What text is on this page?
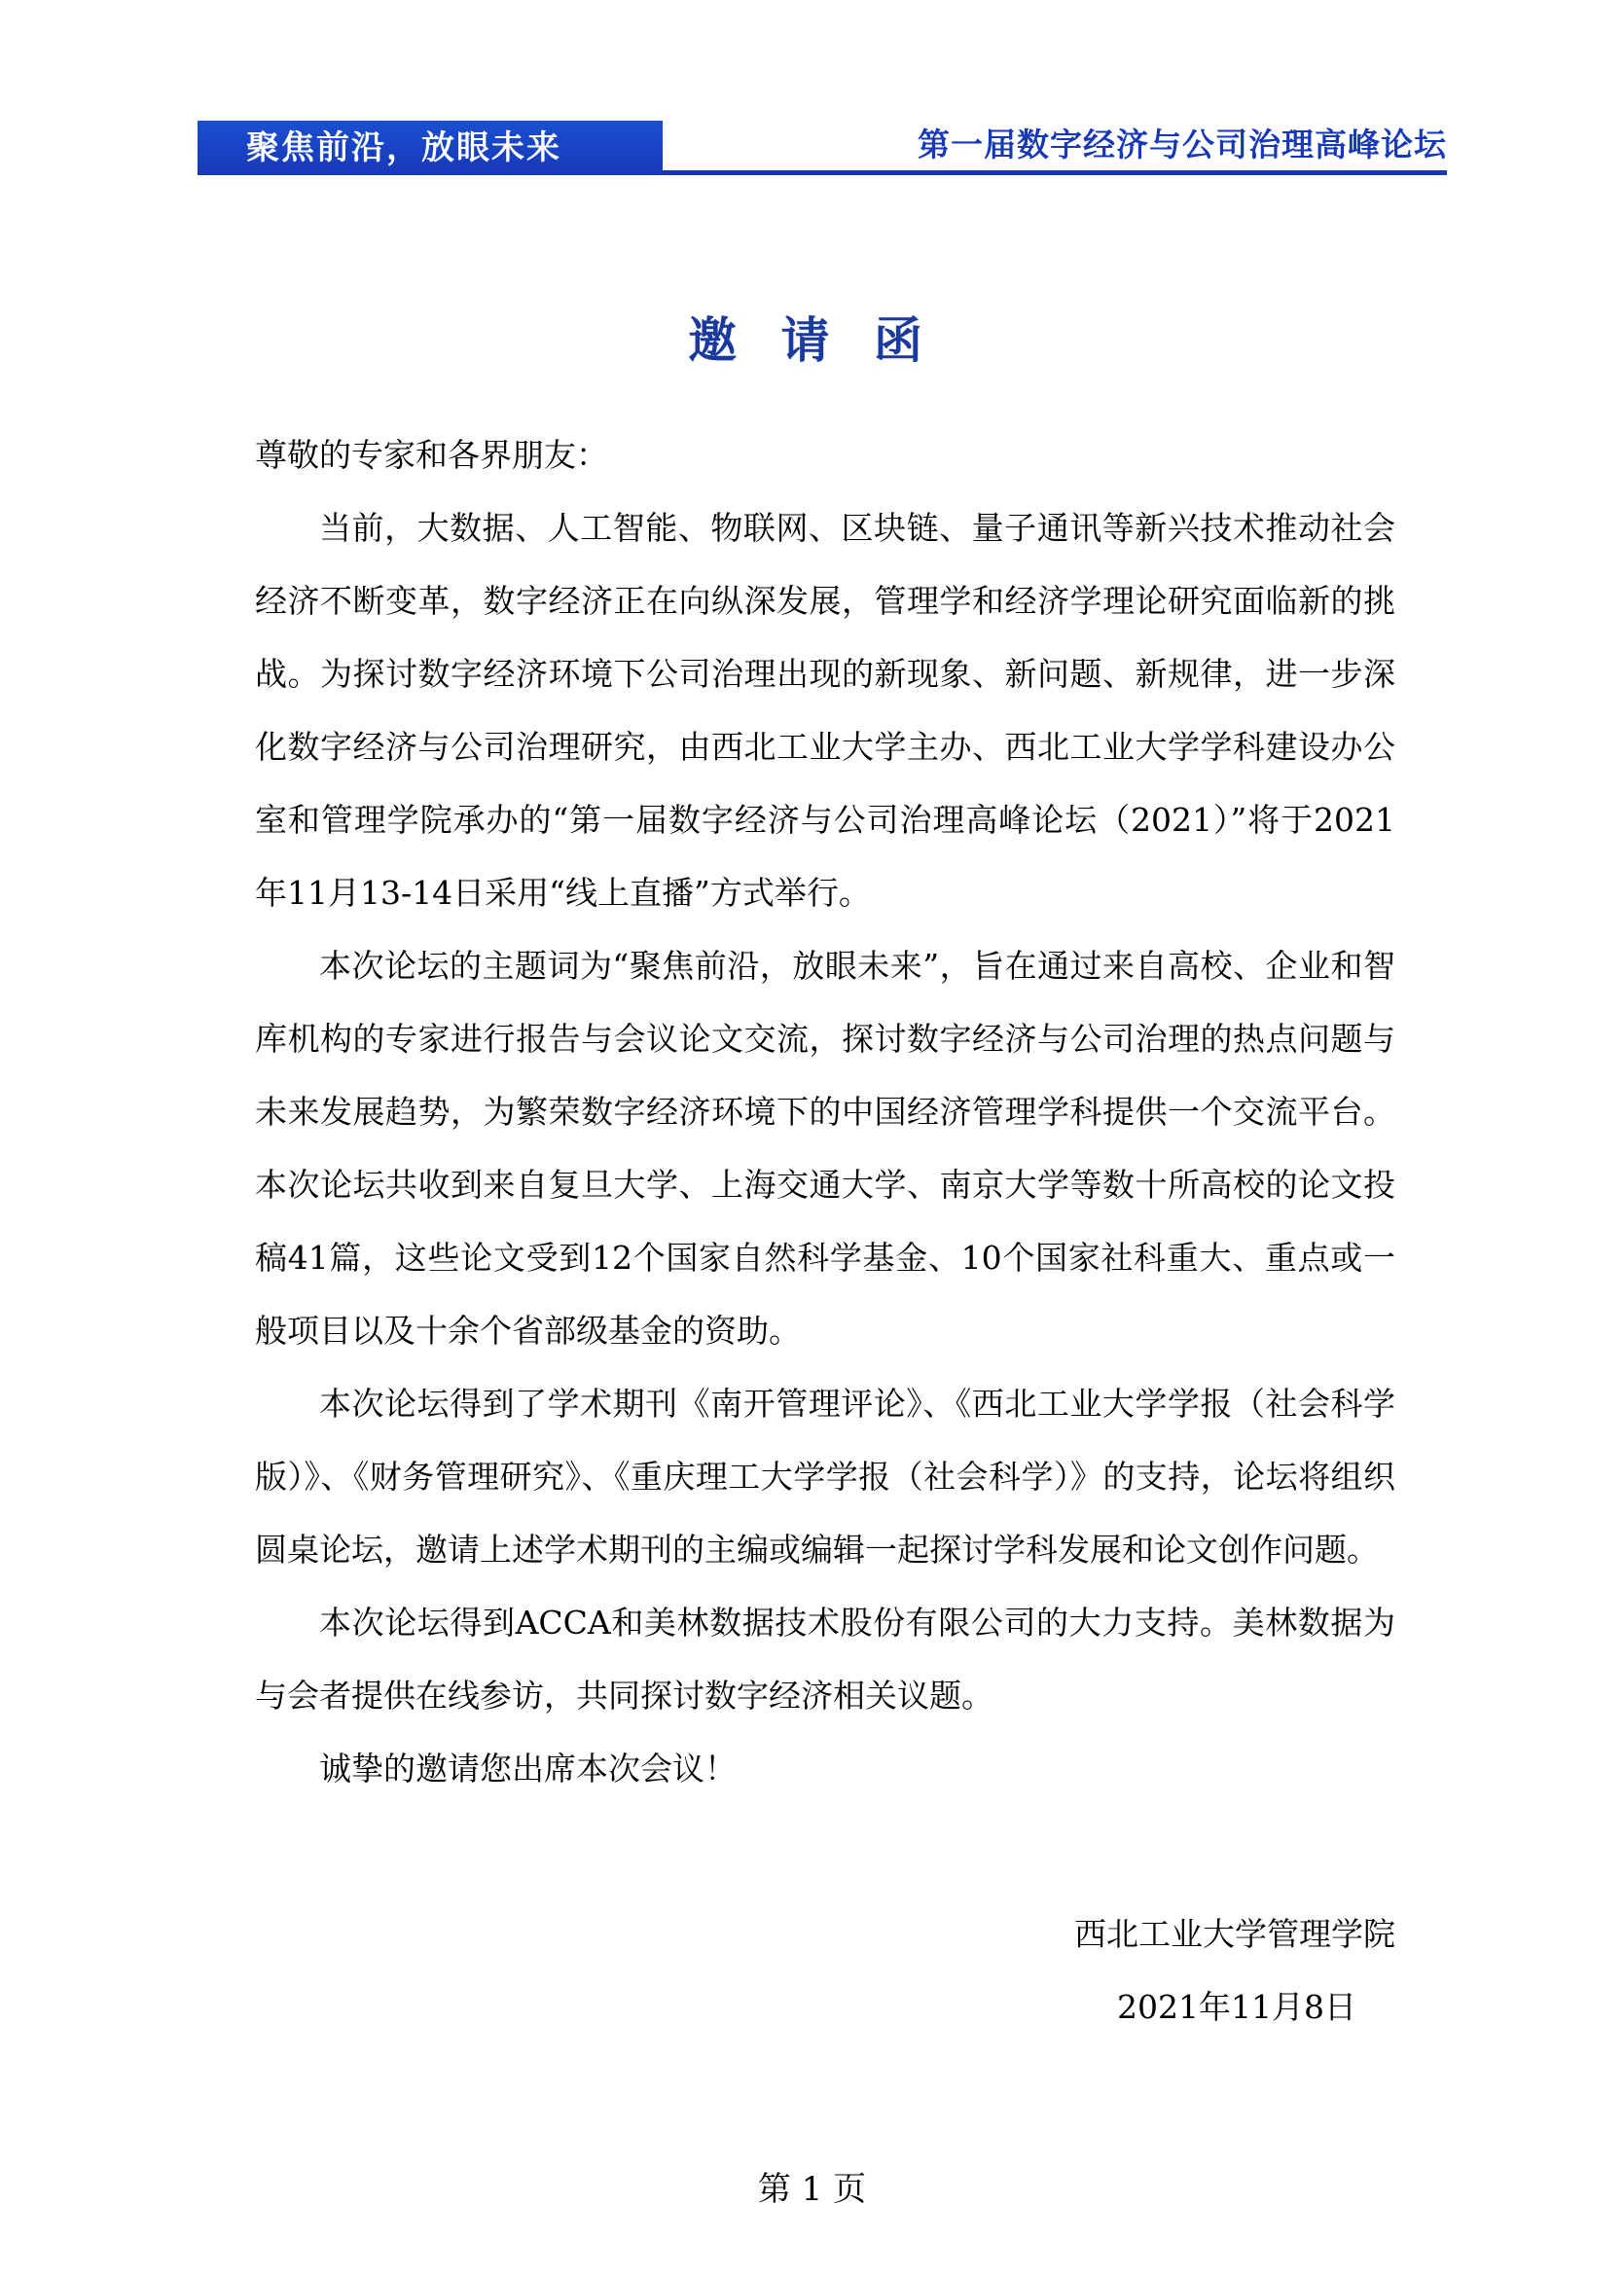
聚焦前沿，放眼未来	第一届数字经济与公司治理高峰论坛
邀 请 函

尊敬的专家和各界朋友：

当前，大数据、人工智能、物联网、区块链、量子通讯等新兴技术推动社会经济不断变革，数字经济正在向纵深发展，管理学和经济学理论研究面临新的挑战。为探讨数字经济环境下公司治理出现的新现象、新问题、新规律，进一步深化数字经济与公司治理研究，由西北工业大学主办、西北工业大学学科建设办公室和管理学院承办的“第一届数字经济与公司治理高峰论坛（2021）”将于2021年11月13-14日采用“线上直播”方式举行。

本次论坛的主题词为“聚焦前沿，放眼未来”，旨在通过来自高校、企业和智库机构的专家进行报告与会议论文交流，探讨数字经济与公司治理的热点问题与未来发展趋势，为繁荣数字经济环境下的中国经济管理学科提供一个交流平台。本次论坛共收到来自复旦大学、上海交通大学、南京大学等数十所高校的论文投稿41篇，这些论文受到12个国家自然科学基金、10个国家社科重大、重点或一般项目以及十余个省部级基金的资助。

本次论坛得到了学术期刊《南开管理评论》、《西北工业大学学报（社会科学版）》、《财务管理研究》、《重庆理工大学学报（社会科学）》的支持，论坛将组织圆桌论坛，邀请上述学术期刊的主编或编辑一起探讨学科发展和论文创作问题。

本次论坛得到ACCA和美林数据技术股份有限公司的大力支持。美林数据为与会者提供在线参访，共同探讨数字经济相关议题。

诚挚的邀请您出席本次会议！

西北工业大学管理学院
2021年11月8日
第 1 页
